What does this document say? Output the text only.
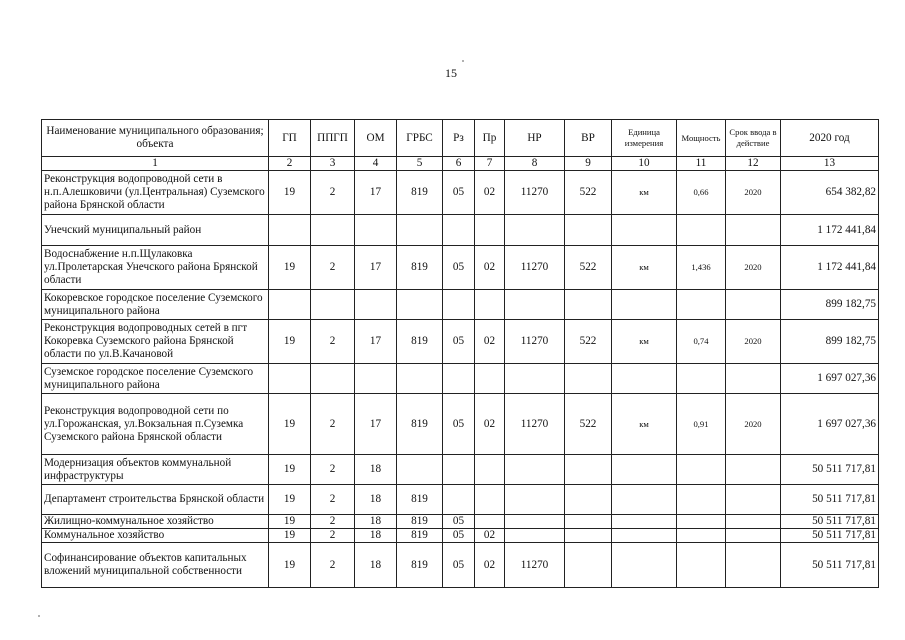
15
Наименование муниципального образования; объекта	ГП	ППГП	ОМ	ГРБС	Рз	Пр	НР	ВР	Единица измерения	Мощность	Срок ввода в действие	2020 год
1	2	3	4	5	6	7	8	9	10	11	12	13
Реконструкция водопроводной сети в н.п.Алешковичи (ул.Центральная) Суземского района Брянской области	19	2	17	819	05	02	11270	522	км	0,66	2020	654 382,82
Унечский муниципальный район												1 172 441,84
Водоснабжение н.п.Щулаковка ул.Пролетарская Унечского района Брянской области	19	2	17	819	05	02	11270	522	км	1,436	2020	1 172 441,84
Кокоревское городское поселение Суземского муниципального района												899 182,75
Реконструкция водопроводных сетей в пгт Кокоревка Суземского района Брянской области по ул.В.Качановой	19	2	17	819	05	02	11270	522	км	0,74	2020	899 182,75
Суземское городское поселение Суземского муниципального района												1 697 027,36
Реконструкция водопроводной сети по ул.Горожанская, ул.Вокзальная п.Суземка Суземского района Брянской области	19	2	17	819	05	02	11270	522	км	0,91	2020	1 697 027,36
Модернизация объектов коммунальной инфраструктуры	19	2	18									50 511 717,81
Департамент строительства Брянской области	19	2	18	819								50 511 717,81
Жилищно-коммунальное хозяйство	19	2	18	819	05							50 511 717,81
Коммунальное хозяйство	19	2	18	819	05	02						50 511 717,81
Софинансирование объектов капитальных вложений муниципальной собственности	19	2	18	819	05	02	11270					50 511 717,81
